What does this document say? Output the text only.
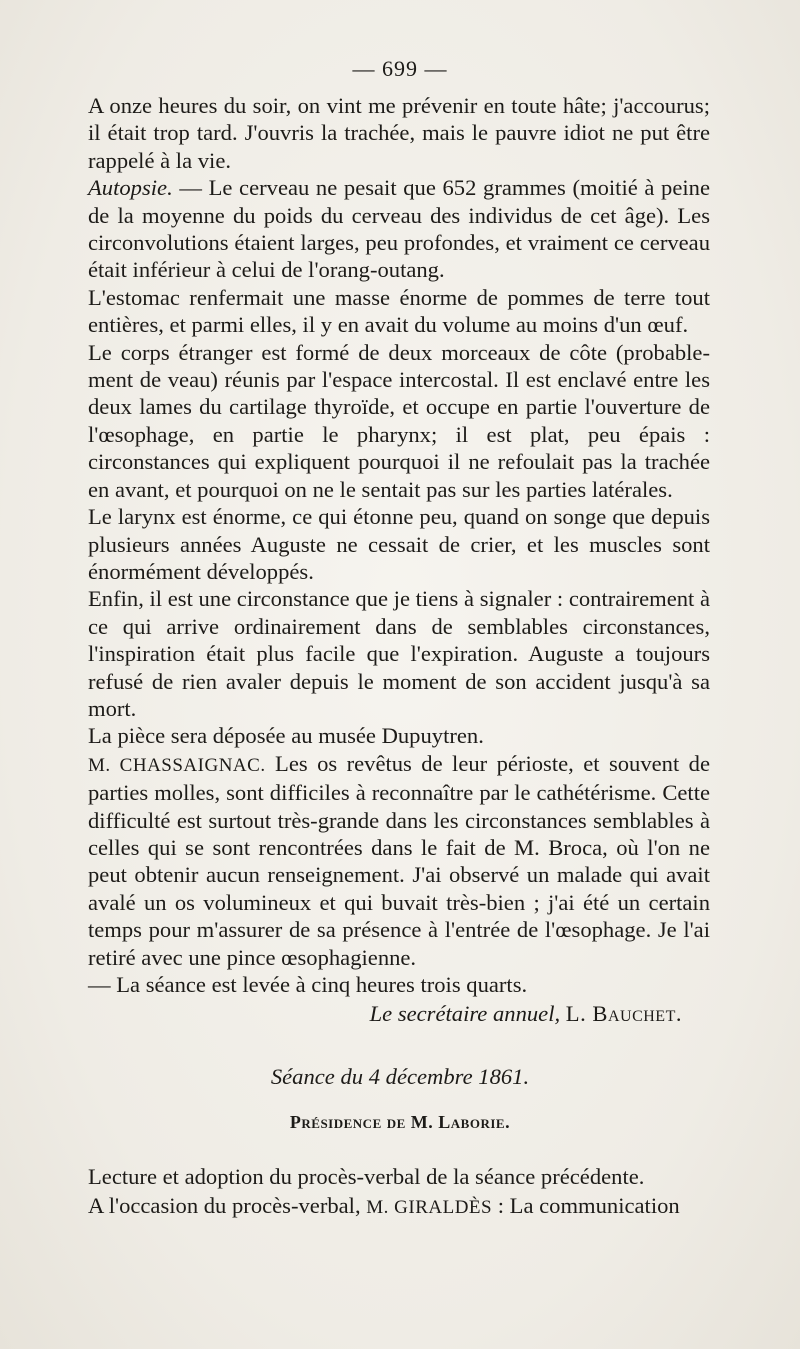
— 699 —

A onze heures du soir, on vint me prévenir en toute hâte; j'accourus; il était trop tard. J'ouvris la trachée, mais le pauvre idiot ne put être rappelé à la vie.

Autopsie. — Le cerveau ne pesait que 652 grammes (moitié à peine de la moyenne du poids du cerveau des individus de cet âge). Les circonvolutions étaient larges, peu profondes, et vraiment ce cerveau était inférieur à celui de l'orang-outang.

L'estomac renfermait une masse énorme de pommes de terre tout entières, et parmi elles, il y en avait du volume au moins d'un œuf.

Le corps étranger est formé de deux morceaux de côte (probablement de veau) réunis par l'espace intercostal. Il est enclavé entre les deux lames du cartilage thyroïde, et occupe en partie l'ouverture de l'œsophage, en partie le pharynx; il est plat, peu épais : circonstances qui expliquent pourquoi il ne refoulait pas la trachée en avant, et pourquoi on ne le sentait pas sur les parties latérales.

Le larynx est énorme, ce qui étonne peu, quand on songe que depuis plusieurs années Auguste ne cessait de crier, et les muscles sont énormément développés.

Enfin, il est une circonstance que je tiens à signaler : contrairement à ce qui arrive ordinairement dans de semblables circonstances, l'inspiration était plus facile que l'expiration. Auguste a toujours refusé de rien avaler depuis le moment de son accident jusqu'à sa mort.

La pièce sera déposée au musée Dupuytren.

M. CHASSAIGNAC. Les os revêtus de leur périoste, et souvent de parties molles, sont difficiles à reconnaître par le cathétérisme. Cette difficulté est surtout très-grande dans les circonstances semblables à celles qui se sont rencontrées dans le fait de M. Broca, où l'on ne peut obtenir aucun renseignement. J'ai observé un malade qui avait avalé un os volumineux et qui buvait très-bien ; j'ai été un certain temps pour m'assurer de sa présence à l'entrée de l'œsophage. Je l'ai retiré avec une pince œsophagienne.

— La séance est levée à cinq heures trois quarts.

Le secrétaire annuel, L. Bauchet.

Séance du 4 décembre 1861.
Présidence de M. Laborie.

Lecture et adoption du procès-verbal de la séance précédente.

A l'occasion du procès-verbal, M. GIRALDÈS : La communication
